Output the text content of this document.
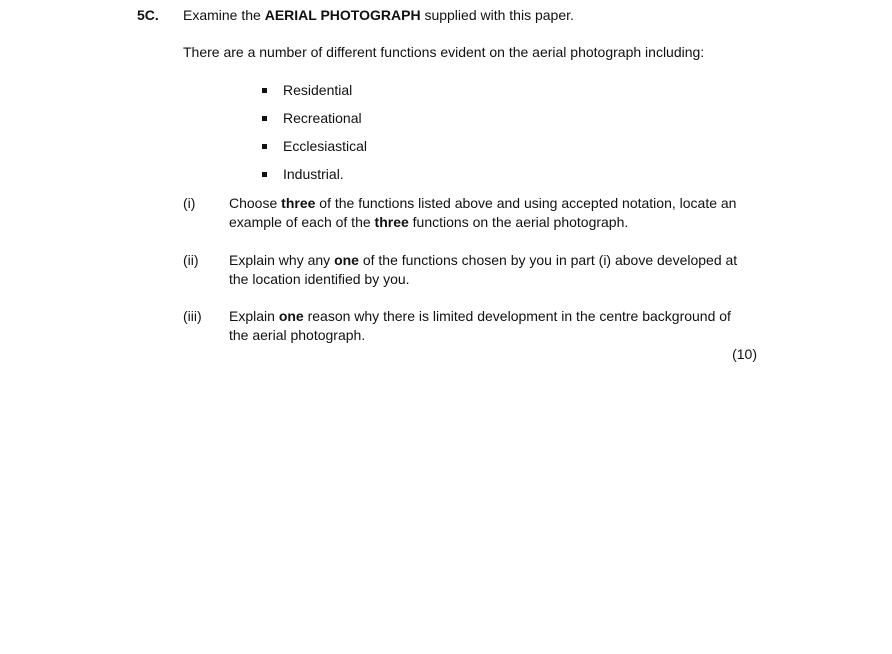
5C. Examine the AERIAL PHOTOGRAPH supplied with this paper.
There are a number of different functions evident on the aerial photograph including:
Residential
Recreational
Ecclesiastical
Industrial.
(i) Choose three of the functions listed above and using accepted notation, locate an
example of each of the three functions on the aerial photograph.
(ii) Explain why any one of the functions chosen by you in part (i) above developed at
the location identified by you.
(iii) Explain one reason why there is limited development in the centre background of
the aerial photograph.
(10)
